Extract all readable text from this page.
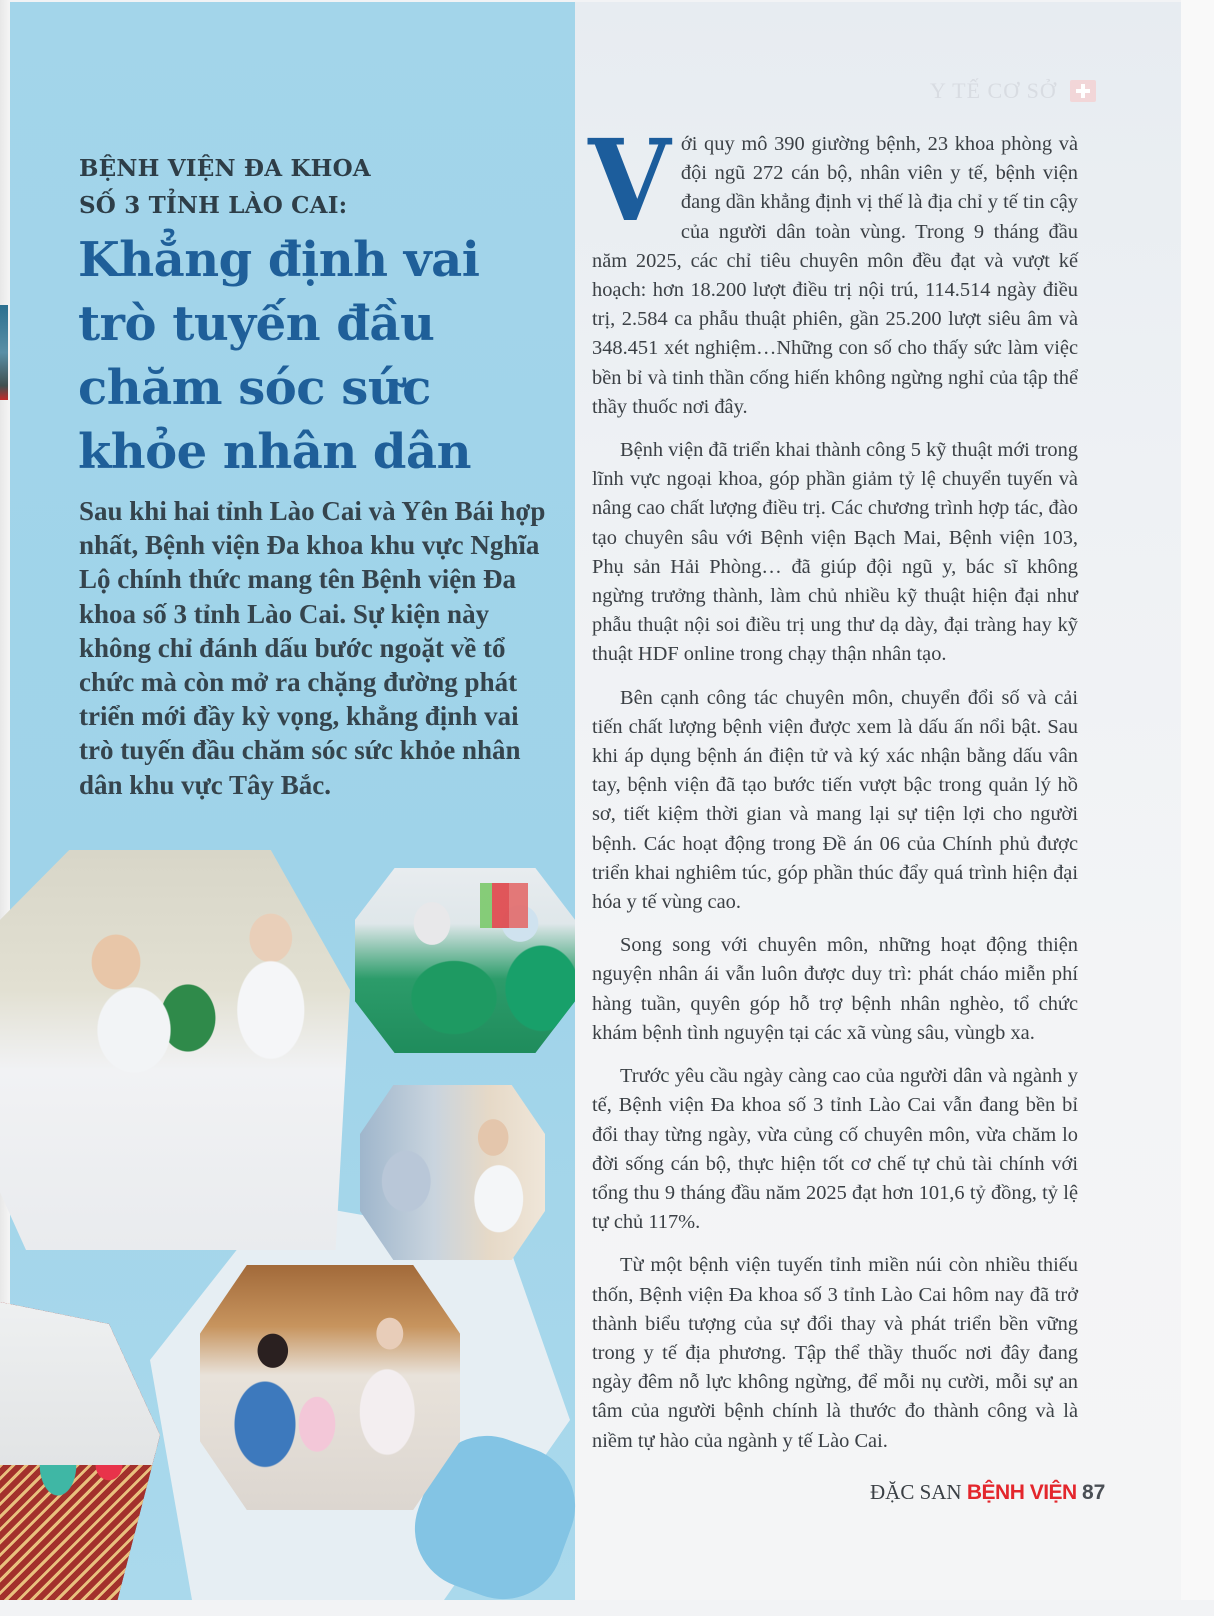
Y TẾ CƠ SỞ
BỆNH VIỆN ĐA KHOA
SỐ 3 TỈNH LÀO CAI:
Khẳng định vai
trò tuyến đầu
chăm sóc sức
khỏe nhân dân

Sau khi hai tỉnh Lào Cai và Yên Bái hợp nhất, Bệnh viện Đa khoa khu vực Nghĩa Lộ chính thức mang tên Bệnh viện Đa khoa số 3 tỉnh Lào Cai. Sự kiện này không chỉ đánh dấu bước ngoặt về tổ chức mà còn mở ra chặng đường phát triển mới đầy kỳ vọng, khẳng định vai trò tuyến đầu chăm sóc sức khỏe nhân dân khu vực Tây Bắc.

Với quy mô 390 giường bệnh, 23 khoa phòng và đội ngũ 272 cán bộ, nhân viên y tế, bệnh viện đang dần khẳng định vị thế là địa chỉ y tế tin cậy của người dân toàn vùng. Trong 9 tháng đầu năm 2025, các chỉ tiêu chuyên môn đều đạt và vượt kế hoạch: hơn 18.200 lượt điều trị nội trú, 114.514 ngày điều trị, 2.584 ca phẫu thuật phiên, gần 25.200 lượt siêu âm và 348.451 xét nghiệm…Những con số cho thấy sức làm việc bền bỉ và tinh thần cống hiến không ngừng nghỉ của tập thể thầy thuốc nơi đây.

Bệnh viện đã triển khai thành công 5 kỹ thuật mới trong lĩnh vực ngoại khoa, góp phần giảm tỷ lệ chuyển tuyến và nâng cao chất lượng điều trị. Các chương trình hợp tác, đào tạo chuyên sâu với Bệnh viện Bạch Mai, Bệnh viện 103, Phụ sản Hải Phòng… đã giúp đội ngũ y, bác sĩ không ngừng trưởng thành, làm chủ nhiều kỹ thuật hiện đại như phẫu thuật nội soi điều trị ung thư dạ dày, đại tràng hay kỹ thuật HDF online trong chạy thận nhân tạo.

Bên cạnh công tác chuyên môn, chuyển đổi số và cải tiến chất lượng bệnh viện được xem là dấu ấn nổi bật. Sau khi áp dụng bệnh án điện tử và ký xác nhận bằng dấu vân tay, bệnh viện đã tạo bước tiến vượt bậc trong quản lý hồ sơ, tiết kiệm thời gian và mang lại sự tiện lợi cho người bệnh. Các hoạt động trong Đề án 06 của Chính phủ được triển khai nghiêm túc, góp phần thúc đẩy quá trình hiện đại hóa y tế vùng cao.

Song song với chuyên môn, những hoạt động thiện nguyện nhân ái vẫn luôn được duy trì: phát cháo miễn phí hàng tuần, quyên góp hỗ trợ bệnh nhân nghèo, tổ chức khám bệnh tình nguyện tại các xã vùng sâu, vùngb xa.

Trước yêu cầu ngày càng cao của người dân và ngành y tế, Bệnh viện Đa khoa số 3 tỉnh Lào Cai vẫn đang bền bỉ đổi thay từng ngày, vừa củng cố chuyên môn, vừa chăm lo đời sống cán bộ, thực hiện tốt cơ chế tự chủ tài chính với tổng thu 9 tháng đầu năm 2025 đạt hơn 101,6 tỷ đồng, tỷ lệ tự chủ 117%.

Từ một bệnh viện tuyến tỉnh miền núi còn nhiều thiếu thốn, Bệnh viện Đa khoa số 3 tỉnh Lào Cai hôm nay đã trở thành biểu tượng của sự đổi thay và phát triển bền vững trong y tế địa phương. Tập thể thầy thuốc nơi đây đang ngày đêm nỗ lực không ngừng, để mỗi nụ cười, mỗi sự an tâm của người bệnh chính là thước đo thành công và là niềm tự hào của ngành y tế Lào Cai.

ĐẶC SAN BỆNH VIỆN 87
